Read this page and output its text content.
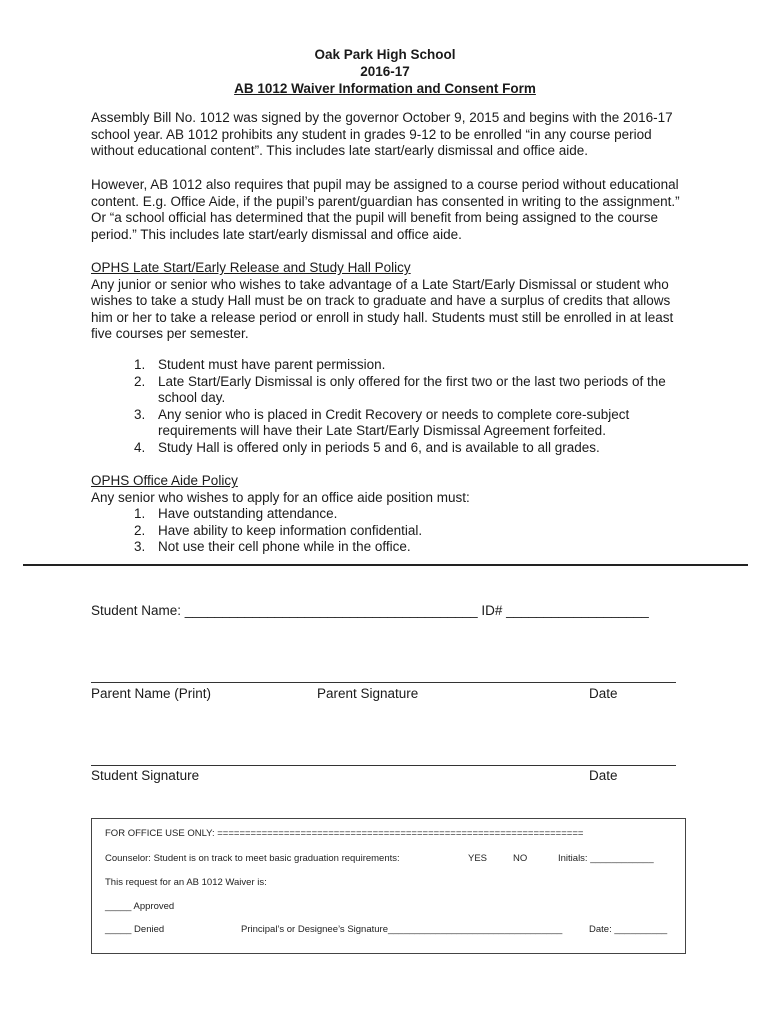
Oak Park High School
2016-17
AB 1012 Waiver Information and Consent Form
Assembly Bill No. 1012 was signed by the governor October 9, 2015 and begins with the 2016-17 school year. AB 1012 prohibits any student in grades 9-12 to be enrolled “in any course period without educational content”. This includes late start/early dismissal and office aide.
However, AB 1012 also requires that pupil may be assigned to a course period without educational content. E.g. Office Aide, if the pupil’s parent/guardian has consented in writing to the assignment.” Or “a school official has determined that the pupil will benefit from being assigned to the course period.” This includes late start/early dismissal and office aide.
OPHS Late Start/Early Release and Study Hall Policy
Any junior or senior who wishes to take advantage of a Late Start/Early Dismissal or student who wishes to take a study Hall must be on track to graduate and have a surplus of credits that allows him or her to take a release period or enroll in study hall. Students must still be enrolled in at least five courses per semester.
1. Student must have parent permission.
2. Late Start/Early Dismissal is only offered for the first two or the last two periods of the school day.
3. Any senior who is placed in Credit Recovery or needs to complete core-subject requirements will have their Late Start/Early Dismissal Agreement forfeited.
4. Study Hall is offered only in periods 5 and 6, and is available to all grades.
OPHS Office Aide Policy
Any senior who wishes to apply for an office aide position must:
1. Have outstanding attendance.
2. Have ability to keep information confidential.
3. Not use their cell phone while in the office.
Student Name: _______________________________________ ID# ___________________
Parent Name (Print)	Parent Signature	Date
Student Signature	Date
FOR OFFICE USE ONLY: ==================================================================
Counselor: Student is on track to meet basic graduation requirements:	YES	NO	Initials: ____________
This request for an AB 1012 Waiver is:
_____ Approved
_____ Denied	Principal’s or Designee’s Signature_________________________________	Date: __________
